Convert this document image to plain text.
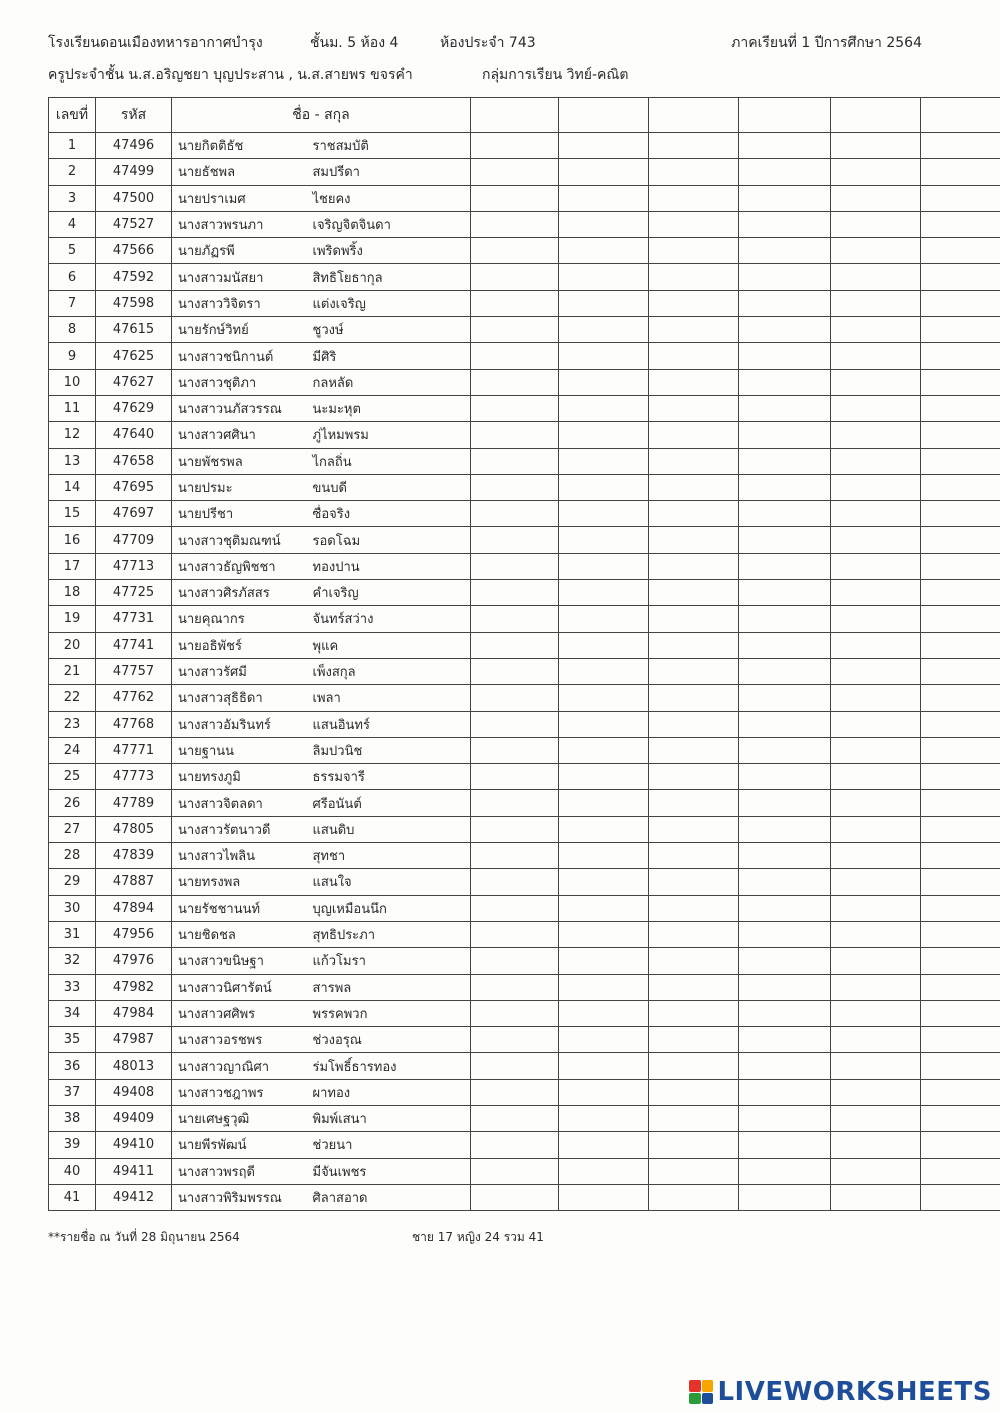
โรงเรียนดอนเมืองทหารอากาศบำรุง	ชั้นม. 5 ห้อง 4	ห้องประจำ 743	ภาคเรียนที่ 1 ปีการศึกษา 2564
ครูประจำชั้น น.ส.อริญชยา บุญประสาน , น.ส.สายพร ขจรคำ	กลุ่มการเรียน วิทย์-คณิต
เลขที่	รหัส	ชื่อ - สกุล							
1	47496	นายกิตติธัช	ราชสมบัติ						
2	47499	นายธัชพล	สมปรีดา						
3	47500	นายปราเมศ	ไชยคง						
4	47527	นางสาวพรนภา	เจริญจิตจินดา						
5	47566	นายภัฏรพี	เพริดพริ้ง						
6	47592	นางสาวมนัสยา	สิทธิโยธากุล						
7	47598	นางสาววิจิตรา	แต่งเจริญ						
8	47615	นายรักษ์วิทย์	ชูวงษ์						
9	47625	นางสาวชนิกานต์	มีศิริ						
10	47627	นางสาวชุติภา	กลหลัด						
11	47629	นางสาวนภัสวรรณ	นะมะหุต						
12	47640	นางสาวศศินา	ภู่ไหมพรม						
13	47658	นายพัชรพล	ไกลถิ่น						
14	47695	นายปรมะ	ขนบดี						
15	47697	นายปรีชา	ซื่อจริง						
16	47709	นางสาวชุติมณฑน์	รอดโฉม						
17	47713	นางสาวธัญพิชชา	ทองปาน						
18	47725	นางสาวศิรภัสสร	คำเจริญ						
19	47731	นายคุณากร	จันทร์สว่าง						
20	47741	นายอธิพัชร์	พุแค						
21	47757	นางสาวรัศมี	เพ็งสกุล						
22	47762	นางสาวสุธิธิดา	เพลา						
23	47768	นางสาวอัมรินทร์	แสนอินทร์						
24	47771	นายฐานน	ลิมปวนิช						
25	47773	นายทรงภูมิ	ธรรมจารี						
26	47789	นางสาวจิตลดา	ศรีอนันต์						
27	47805	นางสาวรัตนาวดี	แสนดิบ						
28	47839	นางสาวไพลิน	สุทชา						
29	47887	นายทรงพล	แสนใจ						
30	47894	นายรัชชานนท์	บุญเหมือนนึก						
31	47956	นายชิดชล	สุทธิประภา						
32	47976	นางสาวขนิษฐา	แก้วโมรา						
33	47982	นางสาวนิศารัตน์	สารพล						
34	47984	นางสาวศศิพร	พรรคพวก						
35	47987	นางสาวอรชพร	ช่วงอรุณ						
36	48013	นางสาวญาณิศา	ร่มโพธิ์ธารทอง						
37	49408	นางสาวชฎาพร	ผาทอง						
38	49409	นายเศษฐวุฒิ	พิมพ์เสนา						
39	49410	นายพีรพัฒน์	ช่วยนา						
40	49411	นางสาวพรฤดี	มีจันเพชร						
41	49412	นางสาวพิริมพรรณ	ศิลาสอาด						
**รายชื่อ ณ วันที่ 28 มิถุนายน 2564	ชาย 17 หญิง 24 รวม 41
LIVEWORKSHEETS
